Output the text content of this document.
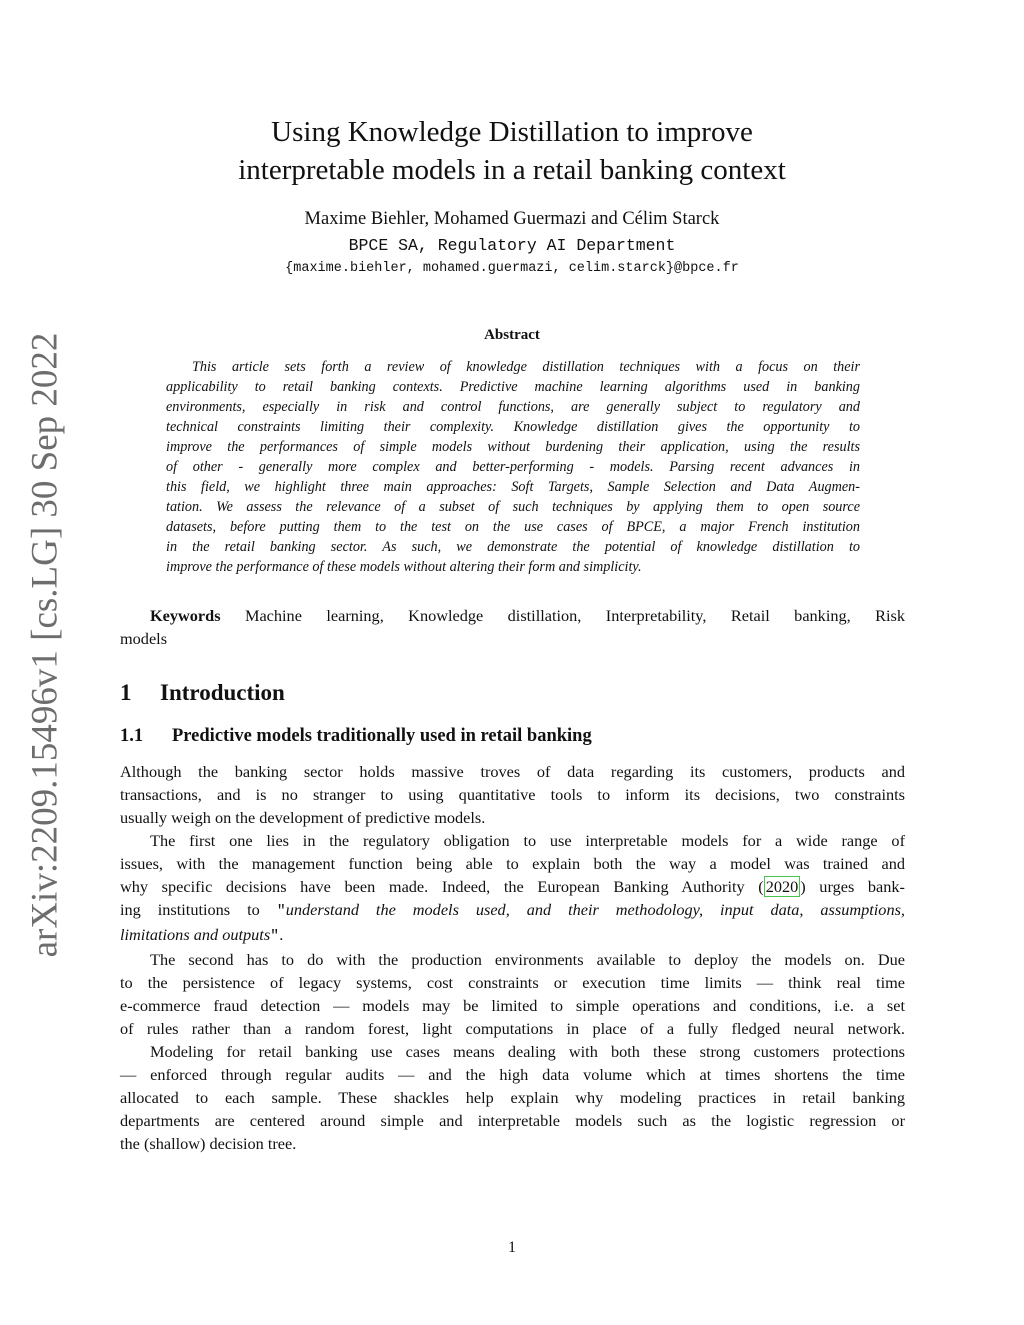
arXiv:2209.15496v1 [cs.LG] 30 Sep 2022
Using Knowledge Distillation to improve
interpretable models in a retail banking context
Maxime Biehler, Mohamed Guermazi and Célim Starck
BPCE SA, Regulatory AI Department
{maxime.biehler, mohamed.guermazi, celim.starck}@bpce.fr
Abstract
This article sets forth a review of knowledge distillation techniques with a focus on their
applicability to retail banking contexts. Predictive machine learning algorithms used in banking
environments, especially in risk and control functions, are generally subject to regulatory and
technical constraints limiting their complexity. Knowledge distillation gives the opportunity to
improve the performances of simple models without burdening their application, using the results
of other - generally more complex and better-performing - models. Parsing recent advances in
this field, we highlight three main approaches: Soft Targets, Sample Selection and Data Augmen-
tation. We assess the relevance of a subset of such techniques by applying them to open source
datasets, before putting them to the test on the use cases of BPCE, a major French institution
in the retail banking sector. As such, we demonstrate the potential of knowledge distillation to
improve the performance of these models without altering their form and simplicity.
Keywords Machine learning, Knowledge distillation, Interpretability, Retail banking, Risk
models
1 Introduction
1.1 Predictive models traditionally used in retail banking
Although the banking sector holds massive troves of data regarding its customers, products and
transactions, and is no stranger to using quantitative tools to inform its decisions, two constraints
usually weigh on the development of predictive models.
The first one lies in the regulatory obligation to use interpretable models for a wide range of
issues, with the management function being able to explain both the way a model was trained and
why specific decisions have been made. Indeed, the European Banking Authority ( 2020 ) urges bank-
ing institutions to "understand the models used, and their methodology, input data, assumptions,
limitations and outputs".
The second has to do with the production environments available to deploy the models on. Due
to the persistence of legacy systems, cost constraints or execution time limits — think real time
e-commerce fraud detection — models may be limited to simple operations and conditions, i.e. a set
of rules rather than a random forest, light computations in place of a fully fledged neural network.
Modeling for retail banking use cases means dealing with both these strong customers protections
— enforced through regular audits — and the high data volume which at times shortens the time
allocated to each sample. These shackles help explain why modeling practices in retail banking
departments are centered around simple and interpretable models such as the logistic regression or
the (shallow) decision tree.
1
